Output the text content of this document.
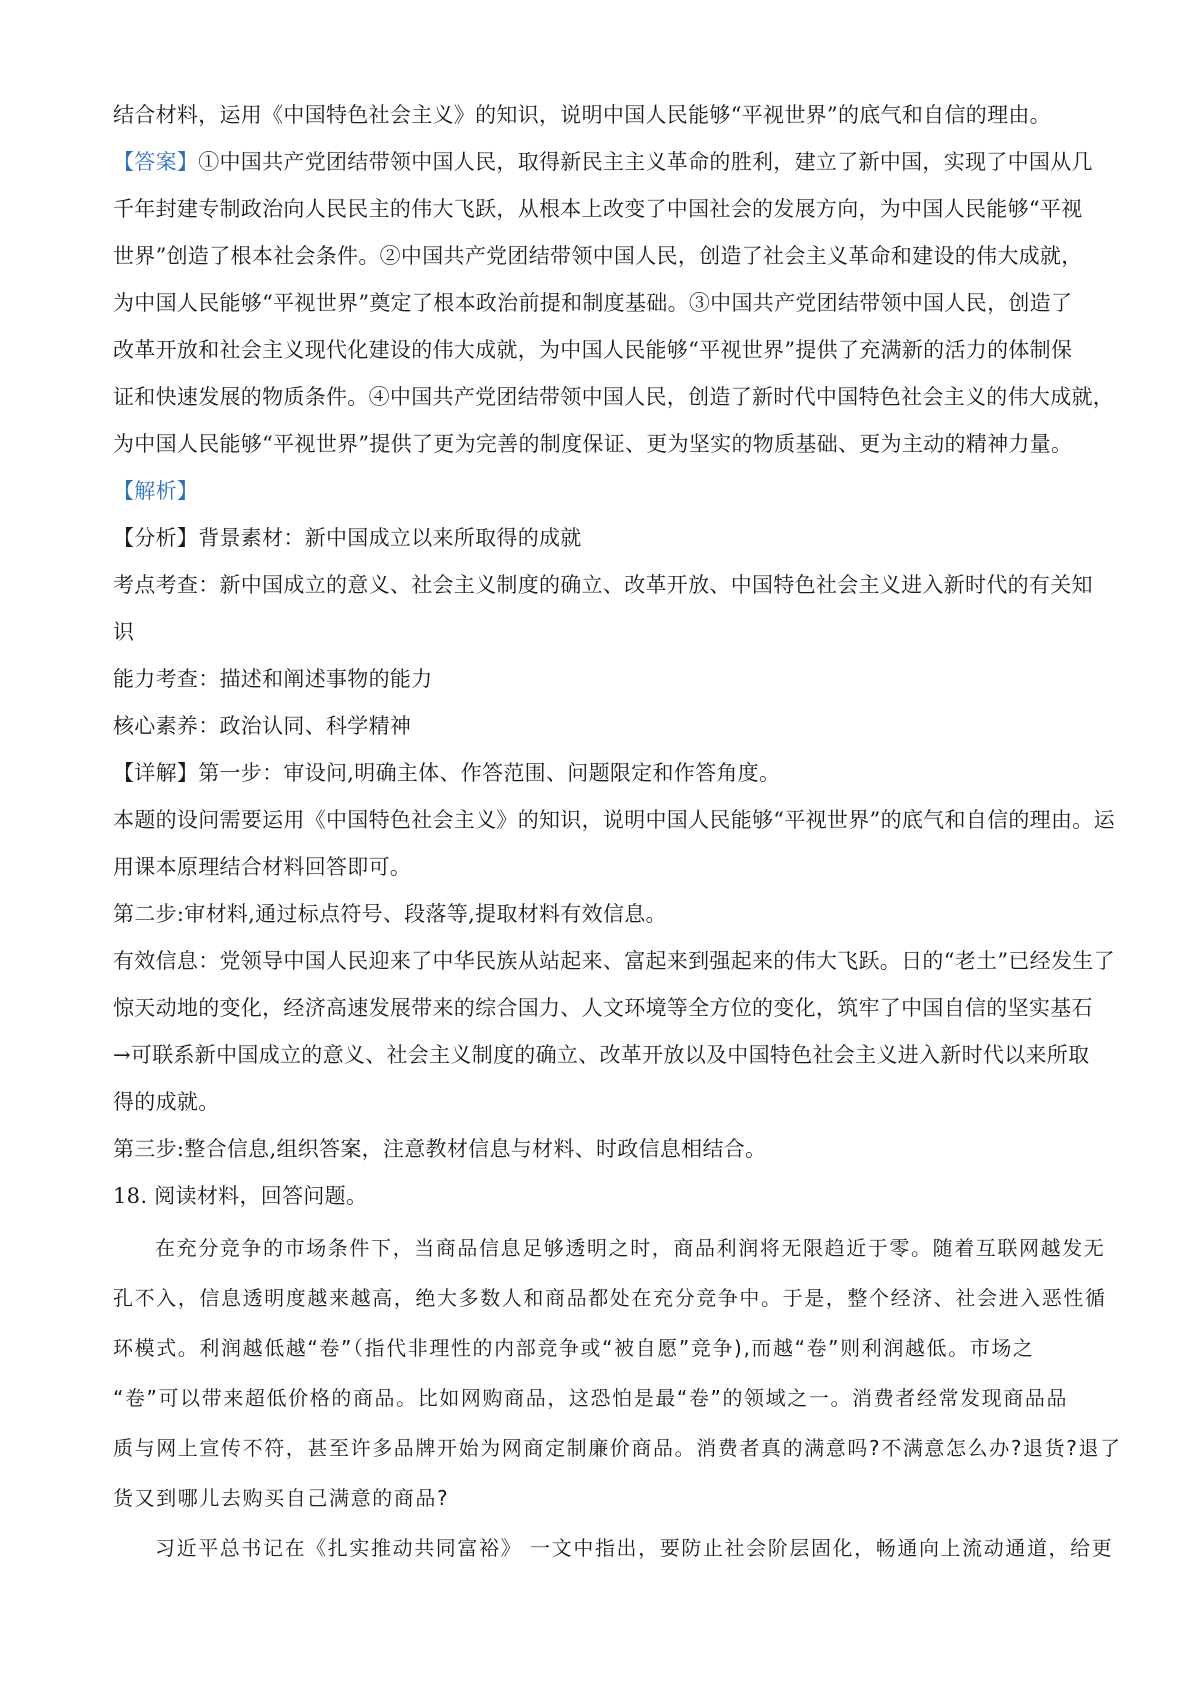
结合材料，运用《中国特色社会主义》的知识，说明中国人民能够“平视世界”的底气和自信的理由。
【答案】①中国共产党团结带领中国人民，取得新民主主义革命的胜利，建立了新中国，实现了中国从几
千年封建专制政治向人民民主的伟大飞跃，从根本上改变了中国社会的发展方向，为中国人民能够“平视
世界”创造了根本社会条件。②中国共产党团结带领中国人民，创造了社会主义革命和建设的伟大成就，
为中国人民能够“平视世界”奠定了根本政治前提和制度基础。③中国共产党团结带领中国人民，创造了
改革开放和社会主义现代化建设的伟大成就，为中国人民能够“平视世界”提供了充满新的活力的体制保
证和快速发展的物质条件。④中国共产党团结带领中国人民，创造了新时代中国特色社会主义的伟大成就，
为中国人民能够“平视世界”提供了更为完善的制度保证、更为坚实的物质基础、更为主动的精神力量。
【解析】
【分析】背景素材：新中国成立以来所取得的成就
考点考查：新中国成立的意义、社会主义制度的确立、改革开放、中国特色社会主义进入新时代的有关知
识
能力考查：描述和阐述事物的能力
核心素养：政治认同、科学精神
【详解】第一步：审设问,明确主体、作答范围、问题限定和作答角度。
本题的设问需要运用《中国特色社会主义》的知识，说明中国人民能够“平视世界”的底气和自信的理由。运
用课本原理结合材料回答即可。
第二步:审材料,通过标点符号、段落等,提取材料有效信息。
有效信息：党领导中国人民迎来了中华民族从站起来、富起来到强起来的伟大飞跃。日的“老土”已经发生了
惊天动地的变化，经济高速发展带来的综合国力、人文环境等全方位的变化，筑牢了中国自信的坚实基石
→可联系新中国成立的意义、社会主义制度的确立、改革开放以及中国特色社会主义进入新时代以来所取
得的成就。
第三步:整合信息,组织答案，注意教材信息与材料、时政信息相结合。
18. 阅读材料，回答问题。
在充分竞争的市场条件下，当商品信息足够透明之时，商品利润将无限趋近于零。随着互联网越发无
孔不入，信息透明度越来越高，绝大多数人和商品都处在充分竞争中。于是，整个经济、社会进入恶性循
环模式。利润越低越“卷”（指代非理性的内部竞争或“被自愿”竞争),而越“卷”则利润越低。市场之
“卷”可以带来超低价格的商品。比如网购商品，这恐怕是最“卷”的领域之一。消费者经常发现商品品
质与网上宣传不符，甚至许多品牌开始为网商定制廉价商品。消费者真的满意吗?不满意怎么办?退货?退了
货又到哪儿去购买自己满意的商品?
习近平总书记在《扎实推动共同富裕》 一文中指出，要防止社会阶层固化，畅通向上流动通道，给更
